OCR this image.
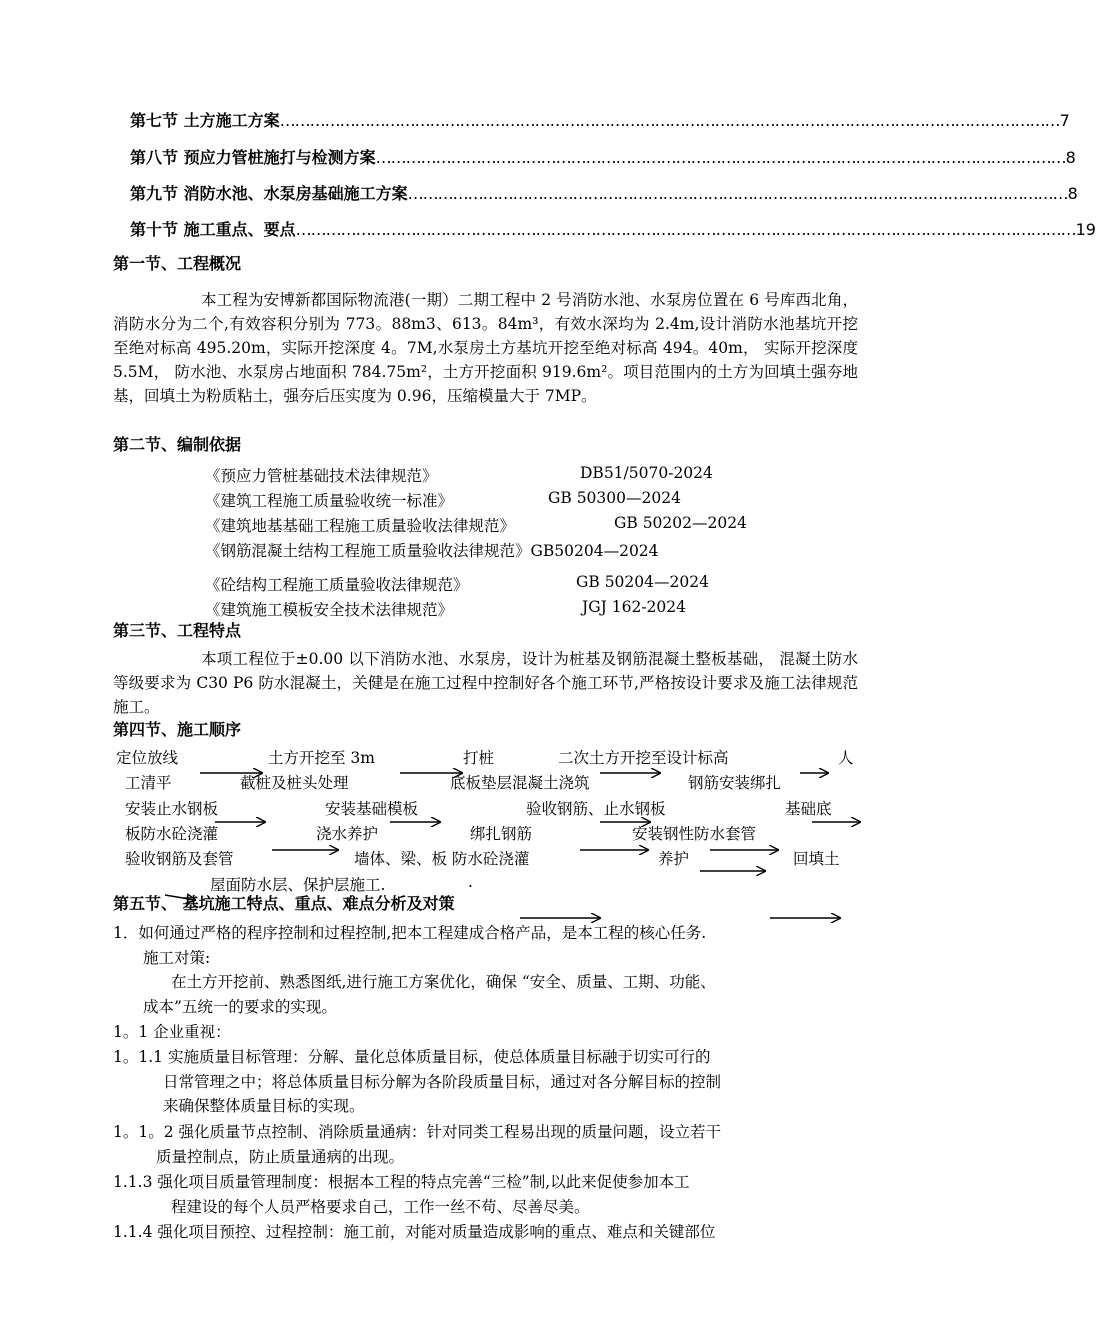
第七节 土方施工方案 ………………………………………………………………………………………………………………………………………… 7
第八节 预应力管桩施打与检测方案 ………………………………………………………………………………………………………………………… 8
第九节 消防水池、水泵房基础施工方案 …………………………………………………………………………………………………………………… 8
第十节 施工重点、要点 ………………………………………………………………………………………………………………………………………… 19
第一节、工程概况
本工程为安博新都国际物流港(一期）二期工程中 2 号消防水池、水泵房位置在 6 号库西北角，消防水分为二个,有效容积分别为 773。88m3、613。84m³，有效水深均为 2.4m,设计消防水池基坑开挖至绝对标高 495.20m，实际开挖深度 4。7M,水泵房土方基坑开挖至绝对标高 494。40m， 实际开挖深度 5.5M， 防水池、水泵房占地面积 784.75m²，土方开挖面积 919.6m²。项目范围内的土方为回填土强夯地基，回填土为粉质粘土，强夯后压实度为 0.96，压缩模量大于 7MP。
第二节、编制依据
《预应力管桩基础技术法律规范》	DB51/5070-2024
《建筑工程施工质量验收统一标准》	GB 50300—2024
《建筑地基基础工程施工质量验收法律规范》	GB 50202—2024
《钢筋混凝土结构工程施工质量验收法律规范》GB50204—2024
《砼结构工程施工质量验收法律规范》	GB 50204—2024
《建筑施工模板安全技术法律规范》	JGJ 162-2024
第三节、工程特点
本项工程位于±0.00 以下消防水池、水泵房，设计为桩基及钢筋混凝土整板基础， 混凝土防水等级要求为 C30 P6 防水混凝土，关健是在施工过程中控制好各个施工环节,严格按设计要求及施工法律规范施工。
第四节、施工顺序
定位放线	土方开挖至 3m	打桩	二次土方开挖至设计标高	人
工清平	截桩及桩头处理	底板垫层混凝土浇筑	钢筋安装绑扎
安装止水钢板	安装基础模板	验收钢筋、止水钢板	基础底
板防水砼浇灌	浇水养护	绑扎钢筋	安装钢性防水套管
验收钢筋及套管	墙体、梁、板 防水砼浇灌	养护	回填土
屋面防水层、保护层施工.	.
第五节、 基坑施工特点、重点、难点分析及对策
1．如何通过严格的程序控制和过程控制,把本工程建成合格产品，是本工程的核心任务.
施工对策:
在土方开挖前、熟悉图纸,进行施工方案优化，确保 “安全、质量、工期、功能、
成本”五统一的要求的实现。
1。1 企业重视：
1。1.1 实施质量目标管理：分解、量化总体质量目标，使总体质量目标融于切实可行的
日常管理之中；将总体质量目标分解为各阶段质量目标，通过对各分解目标的控制
来确保整体质量目标的实现。
1。1。2 强化质量节点控制、消除质量通病：针对同类工程易出现的质量问题，设立若干
质量控制点，防止质量通病的出现。
1.1.3 强化项目质量管理制度：根据本工程的特点完善“三检”制,以此来促使参加本工
程建设的每个人员严格要求自己，工作一丝不苟、尽善尽美。
1.1.4 强化项目预控、过程控制：施工前，对能对质量造成影响的重点、难点和关键部位
